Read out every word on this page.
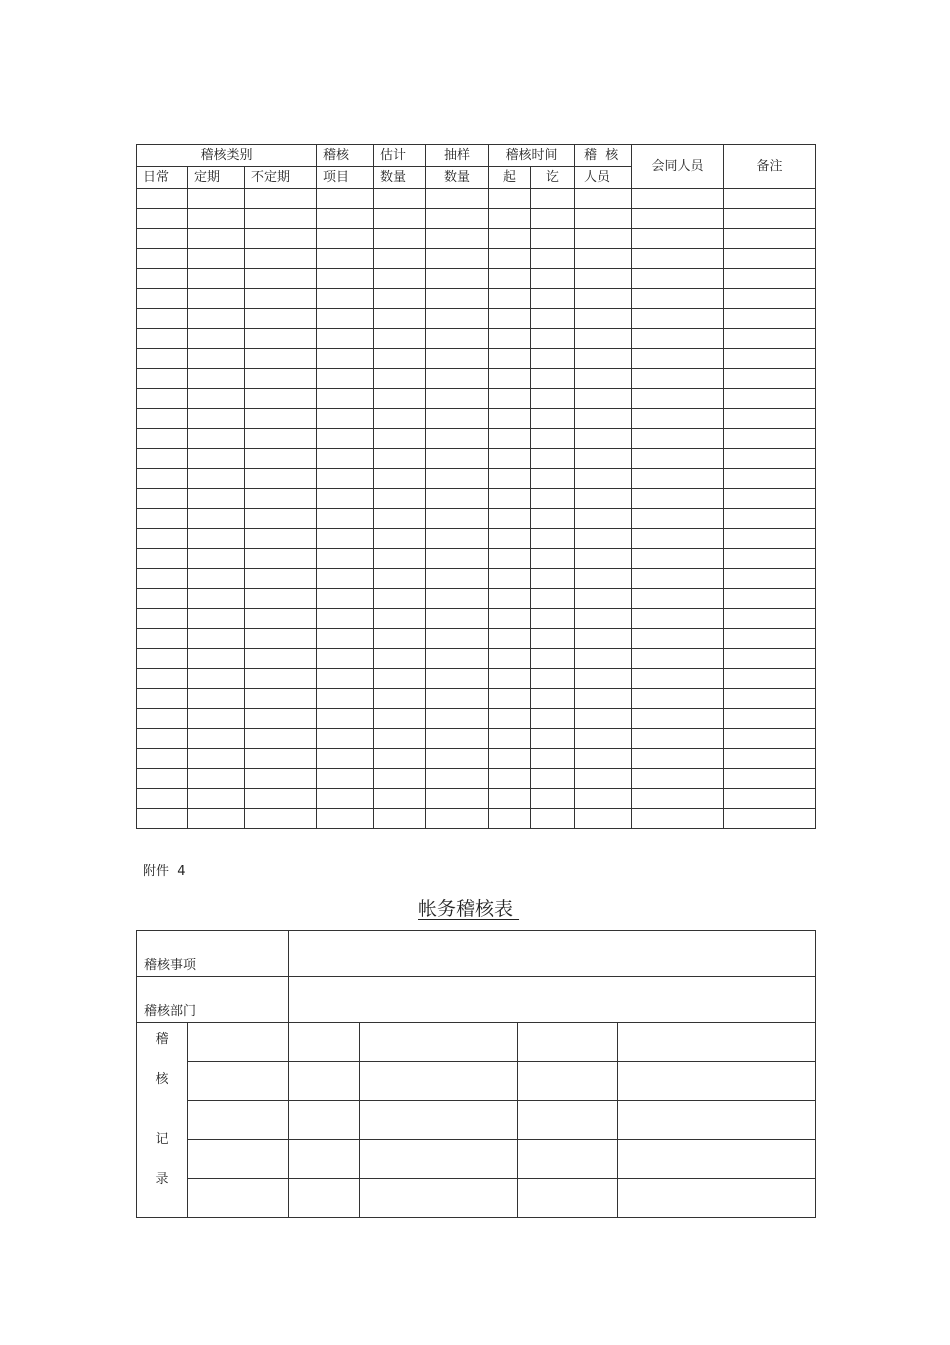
稽核类别			稽核	估计	抽样	稽核时间		稽  核	会同人员	备注
日常	定期	不定期	项目	数量	数量	起	讫	人员		

附件  4
帐务稽核表
稽核事项					
稽核部门					

稽
核
记
录					
